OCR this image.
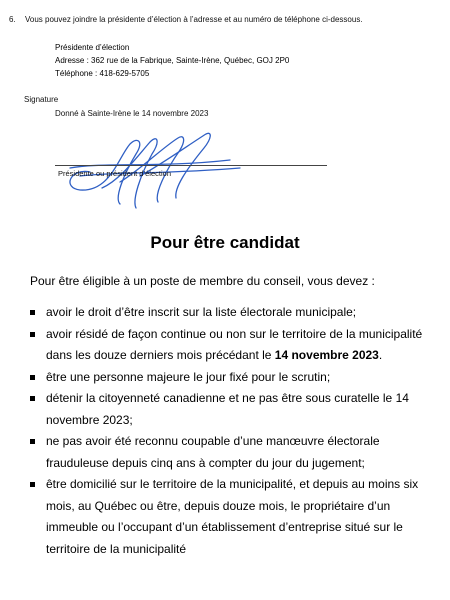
6. Vous pouvez joindre la présidente d’élection à l’adresse et au numéro de téléphone ci-dessous.
Présidente d’élection
Adresse : 362 rue de la Fabrique, Sainte-Irène, Québec, GOJ 2P0
Téléphone : 418-629-5705
Signature
Donné à Sainte-Irène le 14 novembre 2023
Présidente ou président d’élection
Pour être candidat
Pour être éligible à un poste de membre du conseil, vous devez :
avoir le droit d’être inscrit sur la liste électorale municipale;
avoir résidé de façon continue ou non sur le territoire de la municipalité dans les douze derniers mois précédant le 14 novembre 2023.
être une personne majeure le jour fixé pour le scrutin;
détenir la citoyenneté canadienne et ne pas être sous curatelle le 14 novembre 2023;
ne pas avoir été reconnu coupable d’une manœuvre électorale frauduleuse depuis cinq ans à compter du jour du jugement;
être domicilié sur le territoire de la municipalité, et depuis au moins six mois, au Québec ou être, depuis douze mois, le propriétaire d’un immeuble ou l’occupant d’un établissement d’entreprise situé sur le territoire de la municipalité
